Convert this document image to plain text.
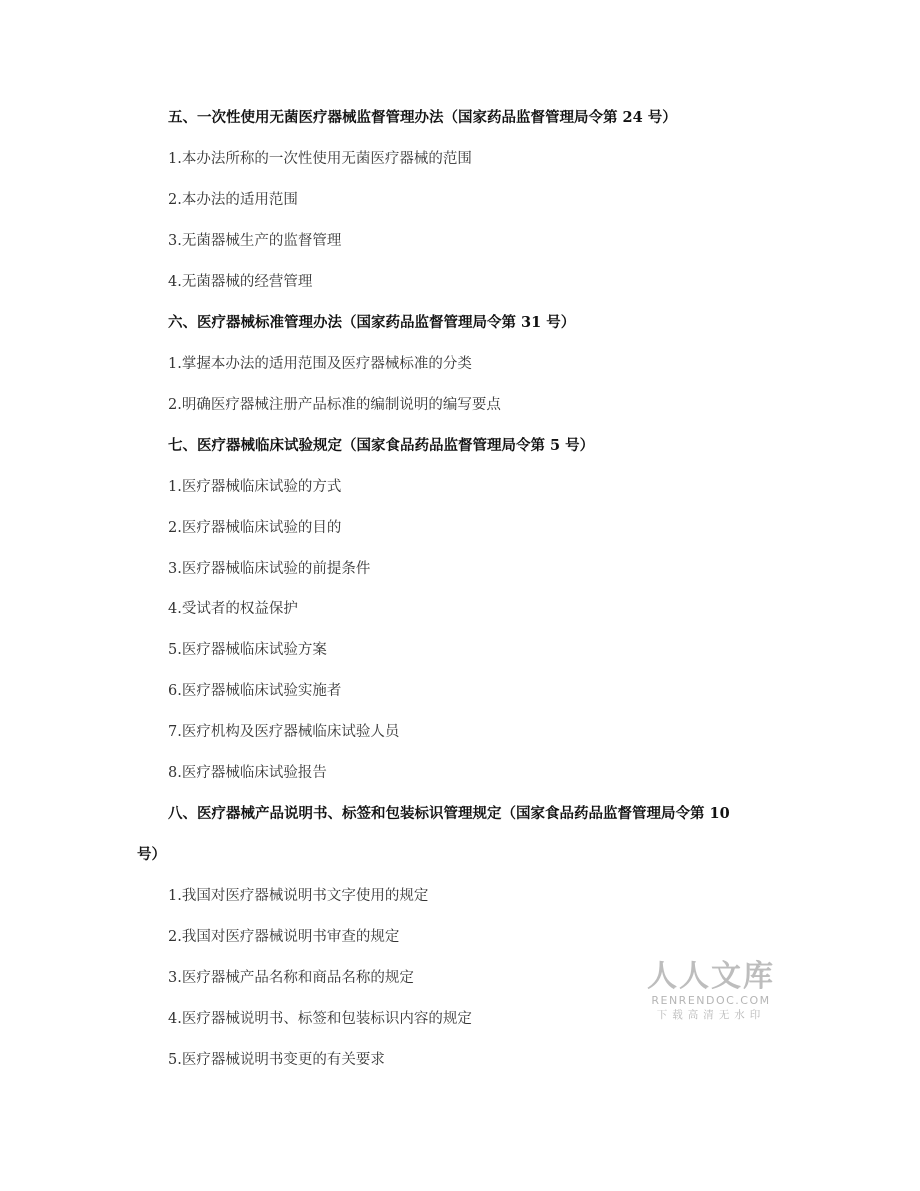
五、一次性使用无菌医疗器械监督管理办法（国家药品监督管理局令第 24 号）
1.本办法所称的一次性使用无菌医疗器械的范围
2.本办法的适用范围
3.无菌器械生产的监督管理
4.无菌器械的经营管理
六、医疗器械标准管理办法（国家药品监督管理局令第 31 号）
1.掌握本办法的适用范围及医疗器械标准的分类
2.明确医疗器械注册产品标准的编制说明的编写要点
七、医疗器械临床试验规定（国家食品药品监督管理局令第 5 号）
1.医疗器械临床试验的方式
2.医疗器械临床试验的目的
3.医疗器械临床试验的前提条件
4.受试者的权益保护
5.医疗器械临床试验方案
6.医疗器械临床试验实施者
7.医疗机构及医疗器械临床试验人员
8.医疗器械临床试验报告
八、医疗器械产品说明书、标签和包装标识管理规定（国家食品药品监督管理局令第 10
号）
1.我国对医疗器械说明书文字使用的规定
2.我国对医疗器械说明书审查的规定
3.医疗器械产品名称和商品名称的规定
4.医疗器械说明书、标签和包装标识内容的规定
5.医疗器械说明书变更的有关要求
人人文库
RENRENDOC.COM
下载高清无水印
